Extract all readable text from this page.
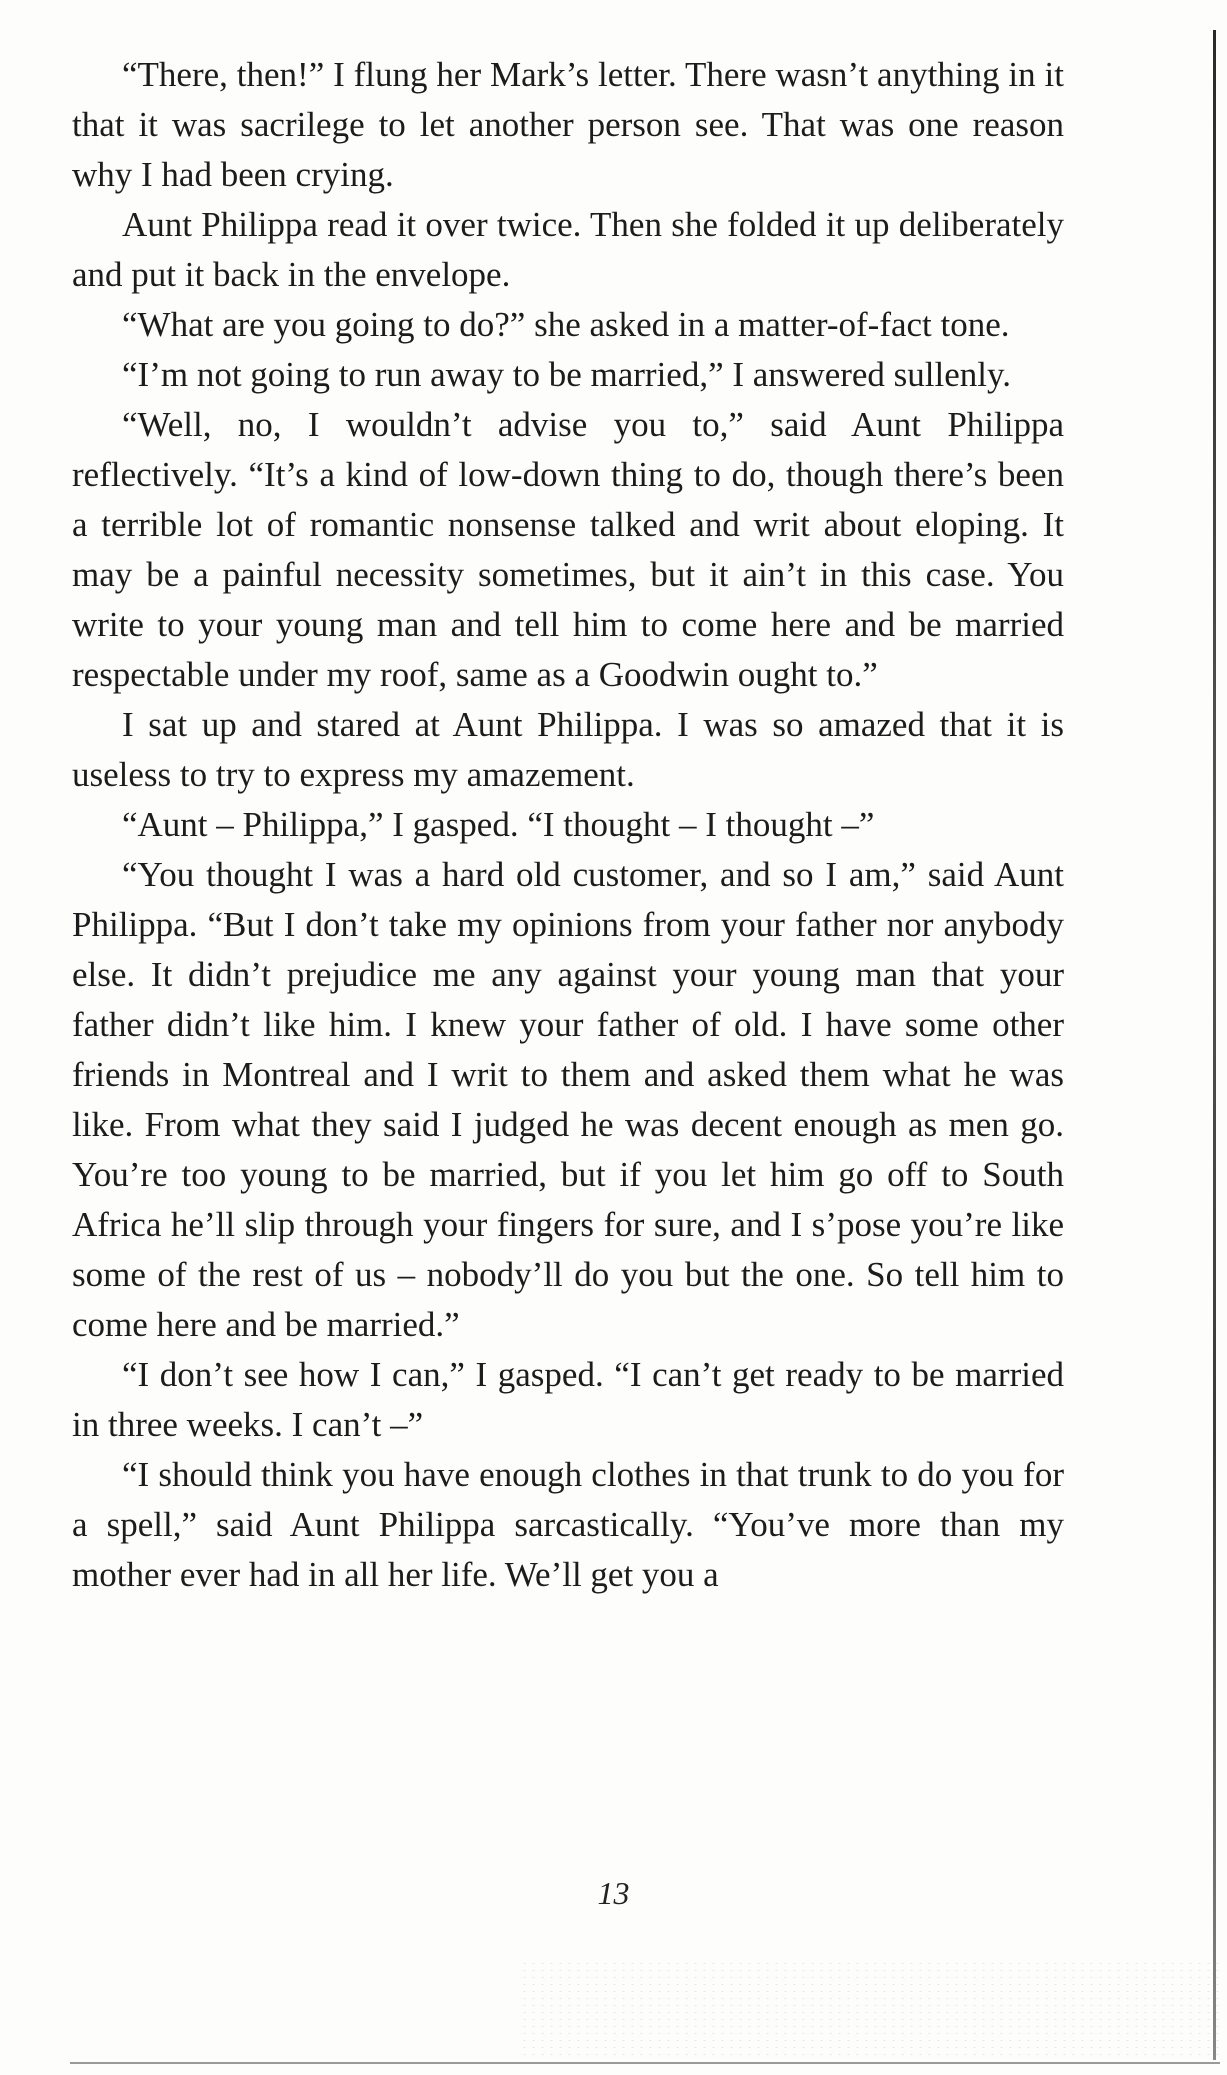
“There, then!” I flung her Mark’s letter. There wasn’t anything in it that it was sacrilege to let another person see. That was one reason why I had been crying.

Aunt Philippa read it over twice. Then she folded it up deliberately and put it back in the envelope.

“What are you going to do?” she asked in a matter-of-fact tone.

“I’m not going to run away to be married,” I answered sullenly.

“Well, no, I wouldn’t advise you to,” said Aunt Philippa reflectively. “It’s a kind of low-down thing to do, though there’s been a terrible lot of romantic nonsense talked and writ about eloping. It may be a painful necessity sometimes, but it ain’t in this case. You write to your young man and tell him to come here and be married respectable under my roof, same as a Goodwin ought to.”

I sat up and stared at Aunt Philippa. I was so amazed that it is useless to try to express my amazement.

“Aunt – Philippa,” I gasped. “I thought – I thought –”

“You thought I was a hard old customer, and so I am,” said Aunt Philippa. “But I don’t take my opinions from your father nor anybody else. It didn’t prejudice me any against your young man that your father didn’t like him. I knew your father of old. I have some other friends in Montreal and I writ to them and asked them what he was like. From what they said I judged he was decent enough as men go. You’re too young to be married, but if you let him go off to South Africa he’ll slip through your fingers for sure, and I s’pose you’re like some of the rest of us – nobody’ll do you but the one. So tell him to come here and be married.”

“I don’t see how I can,” I gasped. “I can’t get ready to be married in three weeks. I can’t –”

“I should think you have enough clothes in that trunk to do you for a spell,” said Aunt Philippa sarcastically. “You’ve more than my mother ever had in all her life. We’ll get you a

13
